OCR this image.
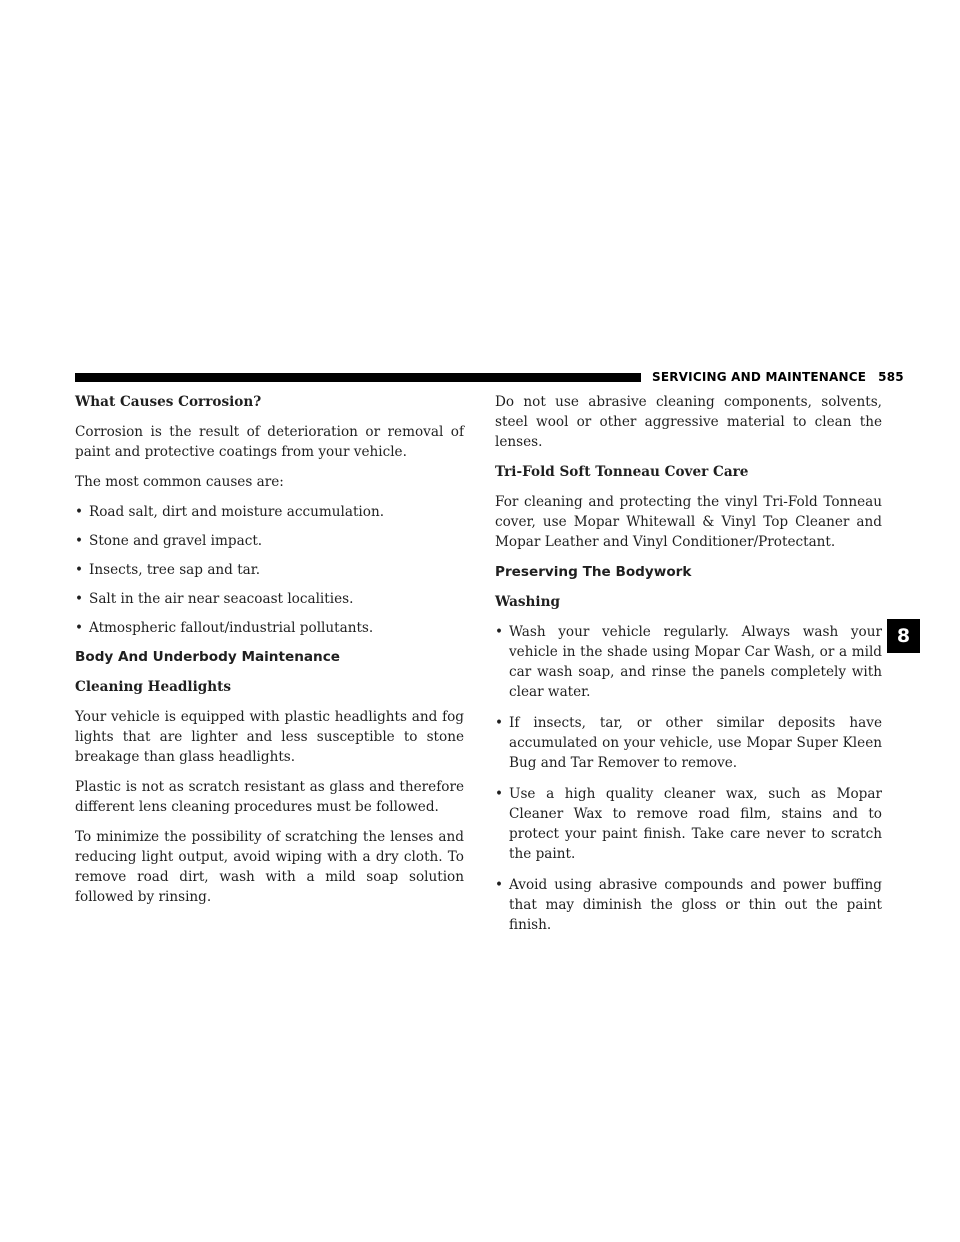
SERVICING AND MAINTENANCE 585
8
What Causes Corrosion?

Corrosion is the result of deterioration or removal of paint and protective coatings from your vehicle.

The most common causes are:

• Road salt, dirt and moisture accumulation.
• Stone and gravel impact.
• Insects, tree sap and tar.
• Salt in the air near seacoast localities.
• Atmospheric fallout/industrial pollutants.
Body And Underbody Maintenance
Cleaning Headlights

Your vehicle is equipped with plastic headlights and fog lights that are lighter and less susceptible to stone breakage than glass headlights.

Plastic is not as scratch resistant as glass and therefore different lens cleaning procedures must be followed.

To minimize the possibility of scratching the lenses and reducing light output, avoid wiping with a dry cloth. To remove road dirt, wash with a mild soap solution followed by rinsing.

Do not use abrasive cleaning components, solvents, steel wool or other aggressive material to clean the lenses.

Tri-Fold Soft Tonneau Cover Care

For cleaning and protecting the vinyl Tri-Fold Tonneau cover, use Mopar Whitewall & Vinyl Top Cleaner and Mopar Leather and Vinyl Conditioner/Protectant.

Preserving The Bodywork
Washing
• Wash your vehicle regularly. Always wash your vehicle in the shade using Mopar Car Wash, or a mild car wash soap, and rinse the panels completely with clear water.
• If insects, tar, or other similar deposits have accumulated on your vehicle, use Mopar Super Kleen Bug and Tar Remover to remove.
• Use a high quality cleaner wax, such as Mopar Cleaner Wax to remove road film, stains and to protect your paint finish. Take care never to scratch the paint.
• Avoid using abrasive compounds and power buffing that may diminish the gloss or thin out the paint finish.
